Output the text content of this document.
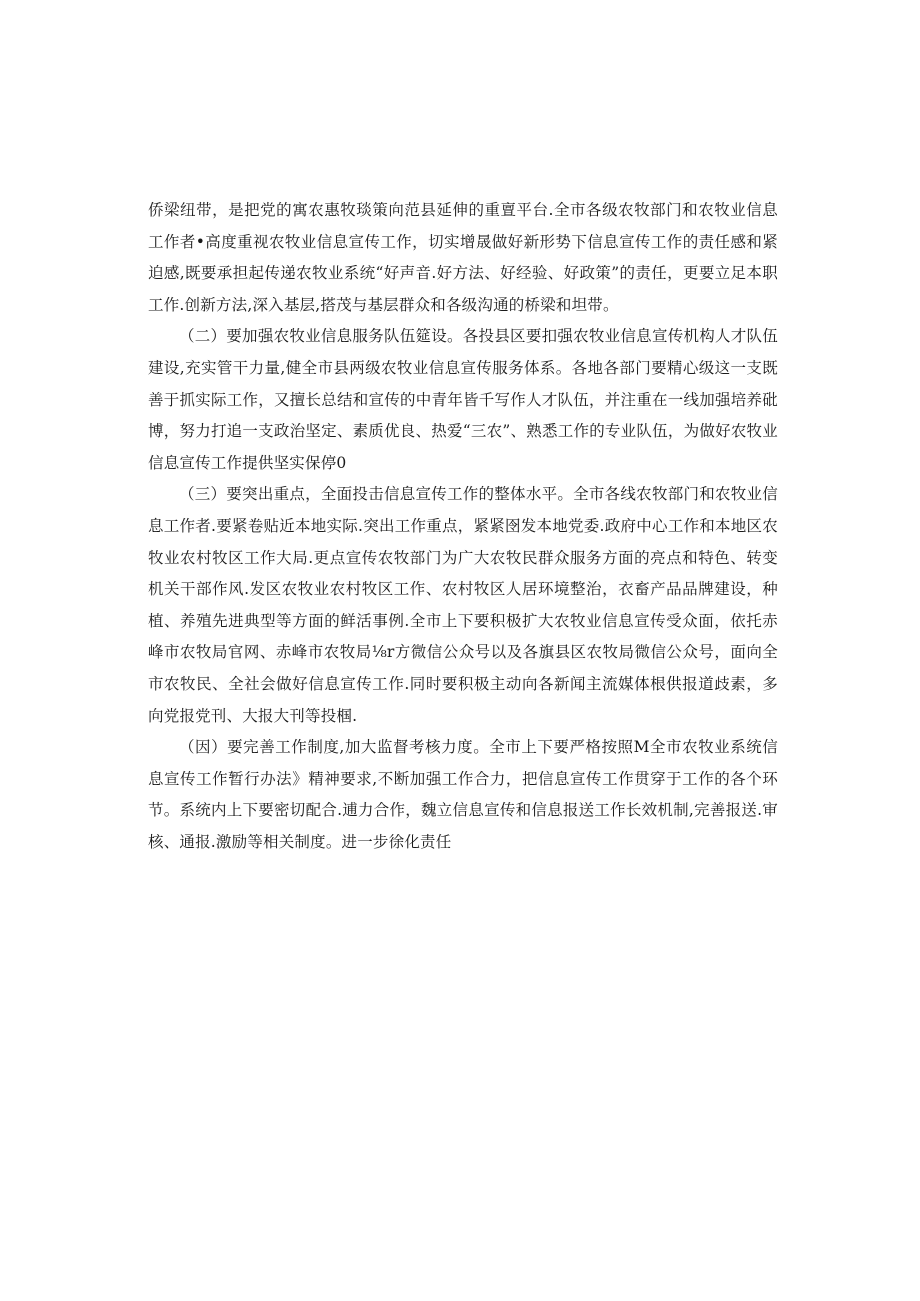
侨梁纽带，是把党的寓农惠牧琰策向范县延伸的重亶平台.全市各级农牧部门和农牧业信息工作者•高度重视农牧业信息宣传工作，切实增晟做好新形势下信息宣传工作的责任感和紧迫感,既要承担起传递农牧业系统“好声音.好方法、好经验、好政策”的责任，更要立足本职工作.创新方法,深入基层,搭茂与基层群众和各级沟通的桥梁和坦带。

（二）要加强农牧业信息服务队伍筵设。各投县区要扣强农牧业信息宣传机构人才队伍建设,充实管干力量,健全市县两级农牧业信息宣传服务体系。各地各部门要精心级这一支既善于抓实际工作，又擅长总结和宣传的中青年皆千写作人才队伍，并注重在一线加强培养砒博，努力打追一支政治坚定、素质优良、热爱“三农”、熟悉工作的专业队伍，为做好农牧业信息宣传工作提供坚实保停0

（三）要突出重点，全面投击信息宣传工作的整体水平。全市各线农牧部门和农牧业信息工作者.要紧卷贴近本地实际.突出工作重点，紧紧囹发本地党委.政府中心工作和本地区农牧业农村牧区工作大局.更点宣传农牧部门为广大农牧民群众服务方面的亮点和特色、转变机关干部作风.发区农牧业农村牧区工作、农村牧区人居环境整治，衣畜产品品牌建设，种植、养殖先进典型等方面的鲜活事例.全市上下要积极扩大农牧业信息宣传受众面，依托赤峰市农牧局官网、赤峰市农牧局⅛r方微信公众号以及各旗县区农牧局微信公众号，面向全市农牧民、全社会做好信息宣传工作.同时要积极主动向各新闻主流媒体根供报道歧素，多向党报党刊、大报大刊等投椢.

（因）要完善工作制度,加大监督考核力度。全市上下要严格按照M全市农牧业系统信息宣传工作暂行办法》精神要求,不断加强工作合力，把信息宣传工作贯穿于工作的各个环节。系统内上下要密切配合.逋力合作，魏立信息宣传和信息报送工作长效机制,完善报送.审核、通报.激励等相关制度。进一步徐化责任
